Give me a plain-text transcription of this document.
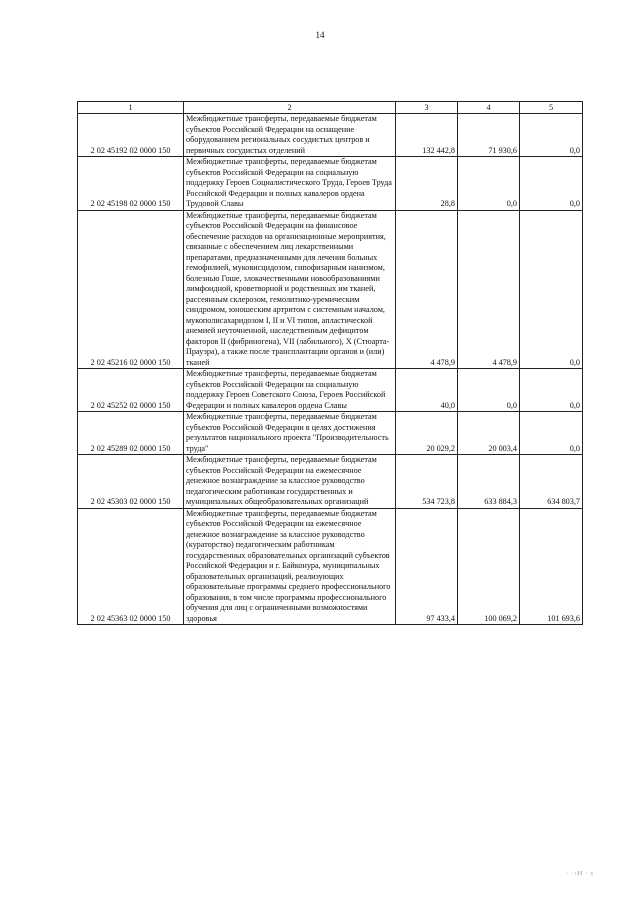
14
1	2	3	4	5
2 02 45192 02 0000 150	Межбюджетные трансферты, передаваемые бюджетам субъектов Российской Федерации на оснащение оборудованием региональных сосудистых центров и первичных сосудистых отделений	132 442,8	71 930,6	0,0
2 02 45198 02 0000 150	Межбюджетные трансферты, передаваемые бюджетам субъектов Российской Федерации на социальную поддержку Героев Социалистического Труда, Героев Труда Российской Федерации и полных кавалеров ордена Трудовой Славы	28,8	0,0	0,0
2 02 45216 02 0000 150	Межбюджетные трансферты, передаваемые бюджетам субъектов Российской Федерации на финансовое обеспечение расходов на организационные мероприятия, связанные с обеспечением лиц лекарственными препаратами, предназначенными для лечения больных гемофилией, муковисцидозом, гипофизарным нанизмом, болезнью Гоше, злокачественными новообразованиями лимфоидной, кроветворной и родственных им тканей, рассеянным склерозом, гемолитико-уремическим синдромом, юношеским артритом с системным началом, мукополисахаридозом I, II и VI типов, апластической анемией неуточненной, наследственным дефицитом факторов II (фибриногена), VII (лабильного), X (Стюарта-Прауэра), а также после трансплантации органов и (или) тканей	4 478,9	4 478,9	0,0
2 02 45252 02 0000 150	Межбюджетные трансферты, передаваемые бюджетам субъектов Российской Федерации на социальную поддержку Героев Советского Союза, Героев Российской Федерации и полных кавалеров ордена Славы	40,0	0,0	0,0
2 02 45289 02 0000 150	Межбюджетные трансферты, передаваемые бюджетам субъектов Российской Федерации в целях достижения результатов национального проекта "Производительность труда"	20 029,2	20 003,4	0,0
2 02 45303 02 0000 150	Межбюджетные трансферты, передаваемые бюджетам субъектов Российской Федерации на ежемесячное денежное вознаграждение за классное руководство педагогическим работникам государственных и муниципальных общеобразовательных организаций	534 723,8	633 884,3	634 803,7
2 02 45363 02 0000 150	Межбюджетные трансферты, передаваемые бюджетам субъектов Российской Федерации на ежемесячное денежное вознаграждение за классное руководство (кураторство) педагогическим работникам государственных образовательных организаций субъектов Российской Федерации и г. Байконура, муниципальных образовательных организаций, реализующих образовательные программы среднего профессионального образования, в том числе программы профессионального обучения для лиц с ограниченными возможностями здоровья	97 433,4	100 069,2	101 693,6
· ·:II · ı
